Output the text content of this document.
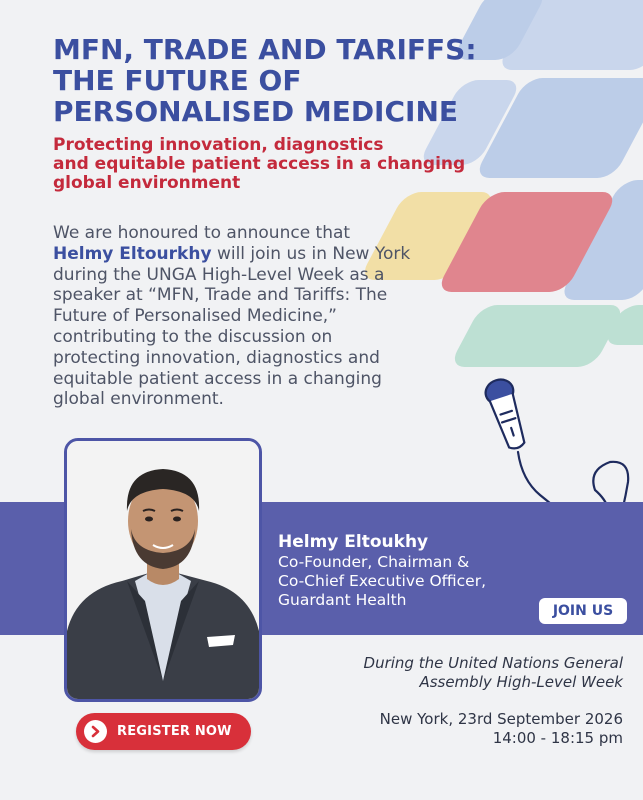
MFN, TRADE AND TARIFFS:
THE FUTURE OF
PERSONALISED MEDICINE
Protecting innovation, diagnostics
and equitable patient access in a changing
global environment

We are honoured to announce that
Helmy Eltourkhy will join us in New York
during the UNGA High-Level Week as a
speaker at “MFN, Trade and Tariffs: The
Future of Personalised Medicine,”
contributing to the discussion on
protecting innovation, diagnostics and
equitable patient access in a changing
global environment.

Helmy Eltoukhy

Co-Founder, Chairman &
Co-Chief Executive Officer,
Guardant Health

JOIN US

During the United Nations General

Assembly High-Level Week

New York, 23rd September 2026

14:00 - 18:15 pm

REGISTER NOW
